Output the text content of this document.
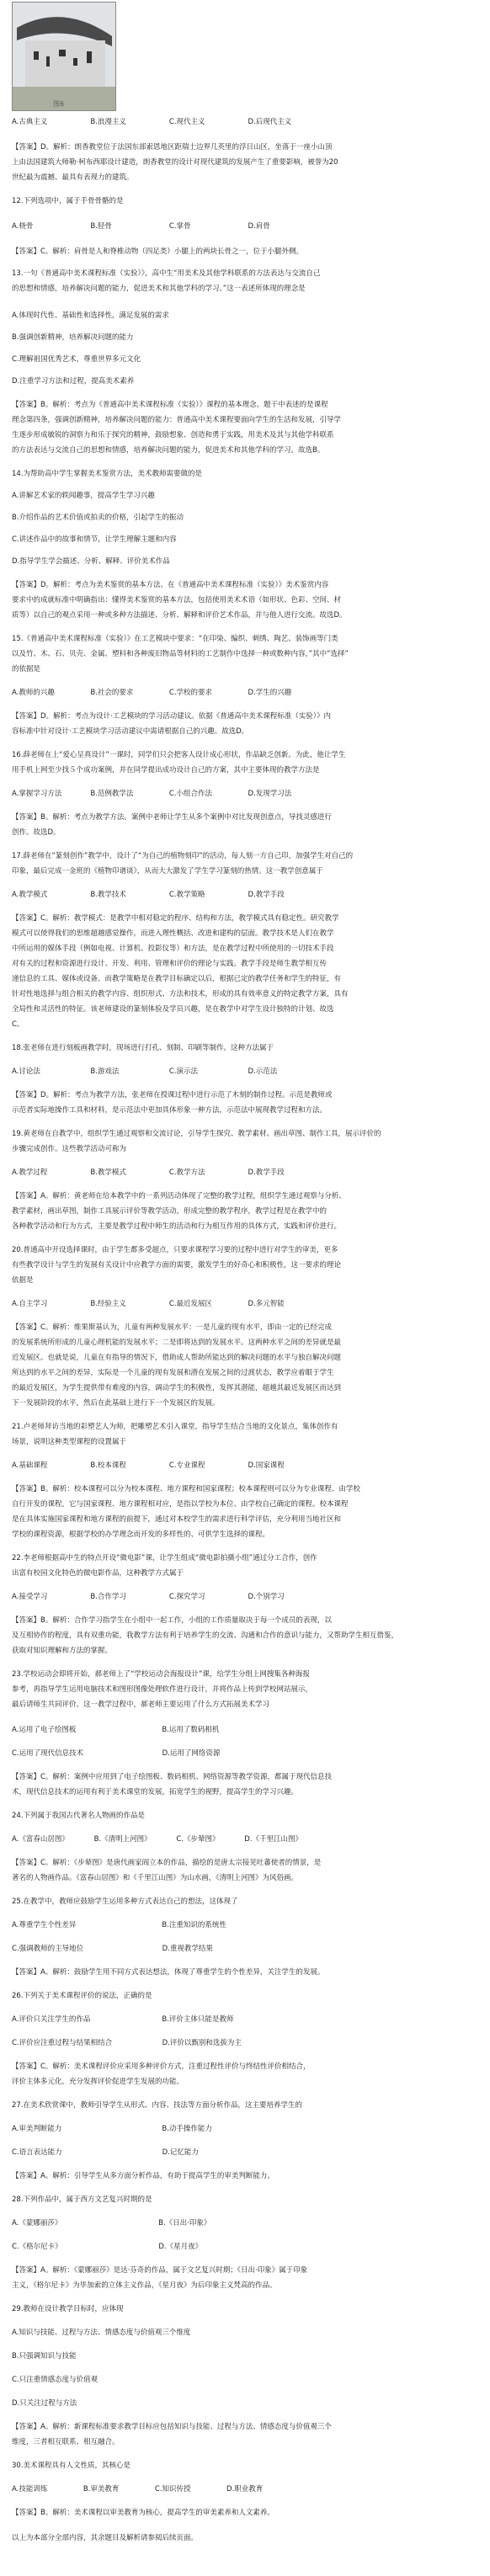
图6
A.古典主义　　　　　　B.浪漫主义　　　　　　C.现代主义　　　　　　D.后现代主义
【答案】D。解析：朗香教堂位于法国东部索恩地区距瑞士边界几英里的浮日山区，坐落于一座小山顶
上由法国建筑大师勒·柯布西耶设计建造，朗香教堂的设计对现代建筑的发展产生了重要影响，被誉为20
世纪最为震撼、最具有表现力的建筑。
12.下列选项中，属于手骨骨骼的是
A.桡骨　　　　　　　　B.胫骨　　　　　　　　C.掌骨　　　　　　　　D.肩骨
【答案】C。解析：肩骨是人和脊椎动物（四足类）小腿上的两块长骨之一，位于小腿外侧。
13.一句《普通高中美术课程标准（实验）》，高中生“用美术及其他学科联系的方法表达与交流自己
的思想和情感，培养解决问题的能力，促进美术和其他学科的学习。”这一表述所体现的理念是
A.体现时代性、基础性和选择性，满足发展的需求
B.强调创新精神，培养解决问题的能力
C.理解祖国优秀艺术，尊重世界多元文化
D.注重学习方法和过程，提高美术素养
【答案】B。解析：考点为《普通高中美术课程标准（实验）》课程的基本理念。题干中表述的是课程
理念第四条，强调创新精神，培养解决问题的能力：普通高中美术课程要面向学生的生活和发展，引导学
生逐步形成敏锐的洞察力和乐于探究的精神，鼓励想象、创造和勇于实践，用美术及其与其他学科联系
的方法表达与交流自己的思想和情感，培养解决问题的能力，促进美术和其他学科的学习。故选B。
14.为帮助高中学生掌握美术鉴赏方法，美术教师需要做的是
A.讲解艺术家的轶闻趣事，提高学生学习兴趣
B.介绍作品的艺术价值或拍卖的价格，引起学生的振动
C.讲述作品中的故事和情节，让学生理解主题和内容
D.指导学生学会描述、分析、解释、评价美术作品
【答案】D。解析：考点为美术鉴赏的基本方法。在《普通高中美术课程标准（实验）》美术鉴赏内容
要求中的成就标准中明确指出：懂得美术鉴赏的基本方法，包括使用美术术语（如形状、色彩、空间、材
质等）以自己的观点采用一种或多种方法描述、分析、解释和评价艺术作品，并与他人进行交流。故选D。
15.《普通高中美术课程标准（实验）》在工艺模块中要求：“在印染、编织、刺绣、陶艺、装饰画等门类
以及竹、木、石、贝壳、金属、塑料和各种废旧物品等材料的工艺制作中选择一种或数种内容，”其中“选择”
的依据是
A.教师的兴趣　　　　　B.社会的要求　　　　　C.学校的要求　　　　　D.学生的兴趣
【答案】D。解析：考点为设计·工艺模块的学习活动建议。依据《普通高中美术课程标准（实验）》内
容标准中针对设计·工艺模块学习活动建议中需请根据自己的兴趣。故选D。
16.薛老师在上“爱心呈真设计”一课时，同学们只会把客人设计成心形状，作品缺乏创新。为此，他让学生
用手机上网至少找５个成功案例，并在同学提出成功设计自己的方案，其中主要体现的教学方法是
A.掌握学习方法　　　　B.范例教学法　　　　　C.小组合作法　　　　　D.发现学习法
【答案】B。解析：考点为教学方法。案例中老师让学生从多个案例中对比发现创意点，导找灵感进行
创作。故选D。
17.薛老师在“篆刻创作”教学中，设计了“为自己的植物刻印”的活动，每人刻一方自己印，加强学生对自己的
印象，最后完成一金班的《植物印谱谈》，从而大大激发了学生学习篆刻的热情。这一教学创意属于
A.教学模式　　　　　　B.教学技术　　　　　　C.教学策略　　　　　　D.教学手段
【答案】C。解析：教学模式：是教学中相对稳定的程序、结构和方法，教学模式具有稳定性。研究教学
模式可以使得我们的思维超越感觉操作，而进入理性概括、改进和建构的层面。教学技术是人们在教学
中所运用的媒体手段（例如电视、计算机、投影仪等）和方法，是在教学过程中所使用的一切技术手段
对有关的过程和资源进行设计、开发、利用、管理和评价的理论与实践。教学手段是师生教学相互传
递信息的工具、媒体或设备。而教学策略是在教学目标确定以后，根据已定的教学任务和学生的特征，有
针对性地选择与组合相关的教学内容、组织形式、方法和技术，形成的具有效率意义的特定教学方案，具有
全局性和灵活性的特征。该老师建设的篆刻体验及学员兴趣，是在教学中对学生设计独特的计划、故选
C。
18.张老师在进行刻板画教学时，现场进行打孔、刻制、印刷等制作。这种方法属于
A.讨论法　　　　　　　B.游戏法　　　　　　　C.演示法　　　　　　　D.示范法
【答案】D。解析：考点为教学方法，张老师在授课过程中进行示范了木刻的制作过程。示范是教师或
示范者实际地操作工具和材料，是示范法中更加具体形象一种方法，示范法中展现教学过程和方法。
19.黄老师在自教学中，组织学生通过观察和交流讨论，引导学生探究、教学素材、画出草图、制作工具，展示评价的
步骤完成创作。这些教学活动可称为
A.教学过程　　　　　　B.教学模式　　　　　　C.教学方法　　　　　　D.教学手段
【答案】A。解析：黄老师在给本教学中的一系列活动体现了完整的教学过程，组织学生通过观察与分析、
教学素材，画出草图，制作工具展示评价等教学活动，形成完整的教学程序，教学过程是在教学中的
各种教学活动和行为方式，主要是教学过程中师生的活动和行为相互作用的具体方式，实践和评价进行。
20.普通高中开设选择课时，由于学生都多受超点，只要求课程学习要的过程中进行对学生的审美，更多
有些教学设计与学生的发展有关设计中应教学方面的需要，激发学生的好奇心和积极性，这一要求的理论
依据是
A.自主学习　　　　　　B.经验主义　　　　　　C.最近发展区　　　　　D.多元智能
【答案】C。解析：维果斯基认为，儿童有两种发展水平：一是儿童的现有水平，即由一定的已经完成
的发展系统所形成的儿童心理机能的发展水平；二是即将达到的发展水平。这两种水平之间的差异就是最
近发展区。也就是说，儿童在有指导的情况下，借助成人帮助所能达到的解决问题的水平与独自解决问题
所达到的水平之间的差异，实际是一个儿童的现有发展和潜在发展之间的过渡状态，教学应着眼于学生
的最近发展区，为学生提供带有难度的内容，调动学生的积极性，发挥其潜能，超越其最近发展区而达到
下一发展阶段的水平，然后在此基础上进行下一个发展区的发展。
21.卢老师拜访当地的彩塑艺人为师，把雕塑艺术引入课堂，指导学生结合当地的文化景点，集体创作有
场景，说明这种类型课程的设置属于
A.基础课程　　　　　　B.校本课程　　　　　　C.专业课程　　　　　　D.国家课程
【答案】B。解析：校本课程可以分为校本课程、地方课程和国家课程；校本课程则可以分为专业课程、由学校
自行开发的课程，它与国家课程、地方课程相对应，是指以学校为本位、由学校自己确定的课程。校本课程
是在具体实施国家课程和地方课程的前提下，通过对本校学生的需求进行科学评估，充分利用当地社区和
学校的课程资源，根据学校的办学理念而开发的多样性的、可供学生选择的课程。
22.李老师根据高中生的特点开设“微电影”课，让学生组成“微电影拍摄小组”通过分工合作，创作
出富有校园文化特色的微电影作品，这种教学方式属于
A.接受学习　　　　　　B.合作学习　　　　　　C.探究学习　　　　　　D.个别学习
【答案】B。解析：合作学习指学生在小组中一起工作，小组的工作质量取决于每一个成员的表现，以
及互相协作的程度，具有双重功能，我教学方法有利于培养学生的交流、沟通和合作的意识与能力，又帮助学生相互借鉴，
获取对知识理解和方法的掌握。
23.学校运动会即将开始，郝老师上了“学校运动会海报设计”课，给学生分组上网搜集各种海报
参考，再指导学生运用电脑技术和图形图像处理软件进行设计，并将作品上传到学校网站展示，
最后请师生共同评价。这一教学过程中，郝老师主要运用了什么方式拓展美术学习
A.运用了电子绘图板　　　　　　　　　　　　B.运用了数码相机
C.运用了现代信息技术　　　　　　　　　　　D.运用了网络资源
【答案】C。解析：案例中应用到了电子绘图板、数码相机、网络资源等教学资源，都属于现代信息技
术，现代信息技术的运用有利于美术课堂的发展，拓宽学生的视野，提高学生的学习兴趣。
24.下列属于我国古代著名人物画的作品是
A.《富春山居图》　　　　B.《清明上河图》　　　　C.《步辇图》　　　　D.《千里江山图》
【答案】C。解析：《步辇图》是唐代画家阎立本的作品，描绘的是唐太宗接见吐蕃使者的情景，是
著名的人物画作品。《富春山居图》和《千里江山图》为山水画，《清明上河图》为风俗画。
25.在教学中，教师应鼓励学生运用多种方式表达自己的想法，这体现了
A.尊重学生个性差异　　　　　　　　　　　　B.注重知识的系统性
C.强调教师的主导地位　　　　　　　　　　　D.重视教学结果
【答案】A。解析：鼓励学生用不同方式表达想法，体现了尊重学生的个性差异，关注学生的发展。
26.下列关于美术课程评价的说法，正确的是
A.评价只关注学生的作品　　　　　　　　　　B.评价主体只能是教师
C.评价应注重过程与结果相结合　　　　　　　D.评价以甄别和选拔为主
【答案】C。解析：美术课程评价应采用多种评价方式，注重过程性评价与终结性评价相结合，
评价主体多元化，充分发挥评价促进学生发展的功能。
27.在美术欣赏课中，教师引导学生从形式、内容、技法等方面分析作品，这主要培养学生的
A.审美判断能力　　　　　　　　　　　　　　B.动手操作能力
C.语言表达能力　　　　　　　　　　　　　　D.记忆能力
【答案】A。解析：引导学生从多方面分析作品，有助于提高学生的审美判断能力。
28.下列作品中，属于西方文艺复兴时期的是
A.《蒙娜丽莎》　　　　　　　　　　　　　　B.《日出·印象》
C.《格尔尼卡》　　　　　　　　　　　　　　D.《星月夜》
【答案】A。解析：《蒙娜丽莎》是达·芬奇的作品，属于文艺复兴时期；《日出·印象》属于印象
主义，《格尔尼卡》为毕加索的立体主义作品，《星月夜》为后印象主义梵高的作品。
29.教师在设计教学目标时，应体现
A.知识与技能、过程与方法、情感态度与价值观三个维度
B.只强调知识与技能
C.只注重情感态度与价值观
D.只关注过程与方法
【答案】A。解析：新课程标准要求教学目标应包括知识与技能、过程与方法、情感态度与价值观三个
维度，三者相互联系、相互融合。
30.美术课程具有人文性质，其核心是
A.技能训练　　　　　B.审美教育　　　　　C.知识传授　　　　　D.职业教育
【答案】B。解析：美术课程以审美教育为核心，提高学生的审美素养和人文素养。
以上为本部分全部内容，其余题目及解析请参阅后续页面。
